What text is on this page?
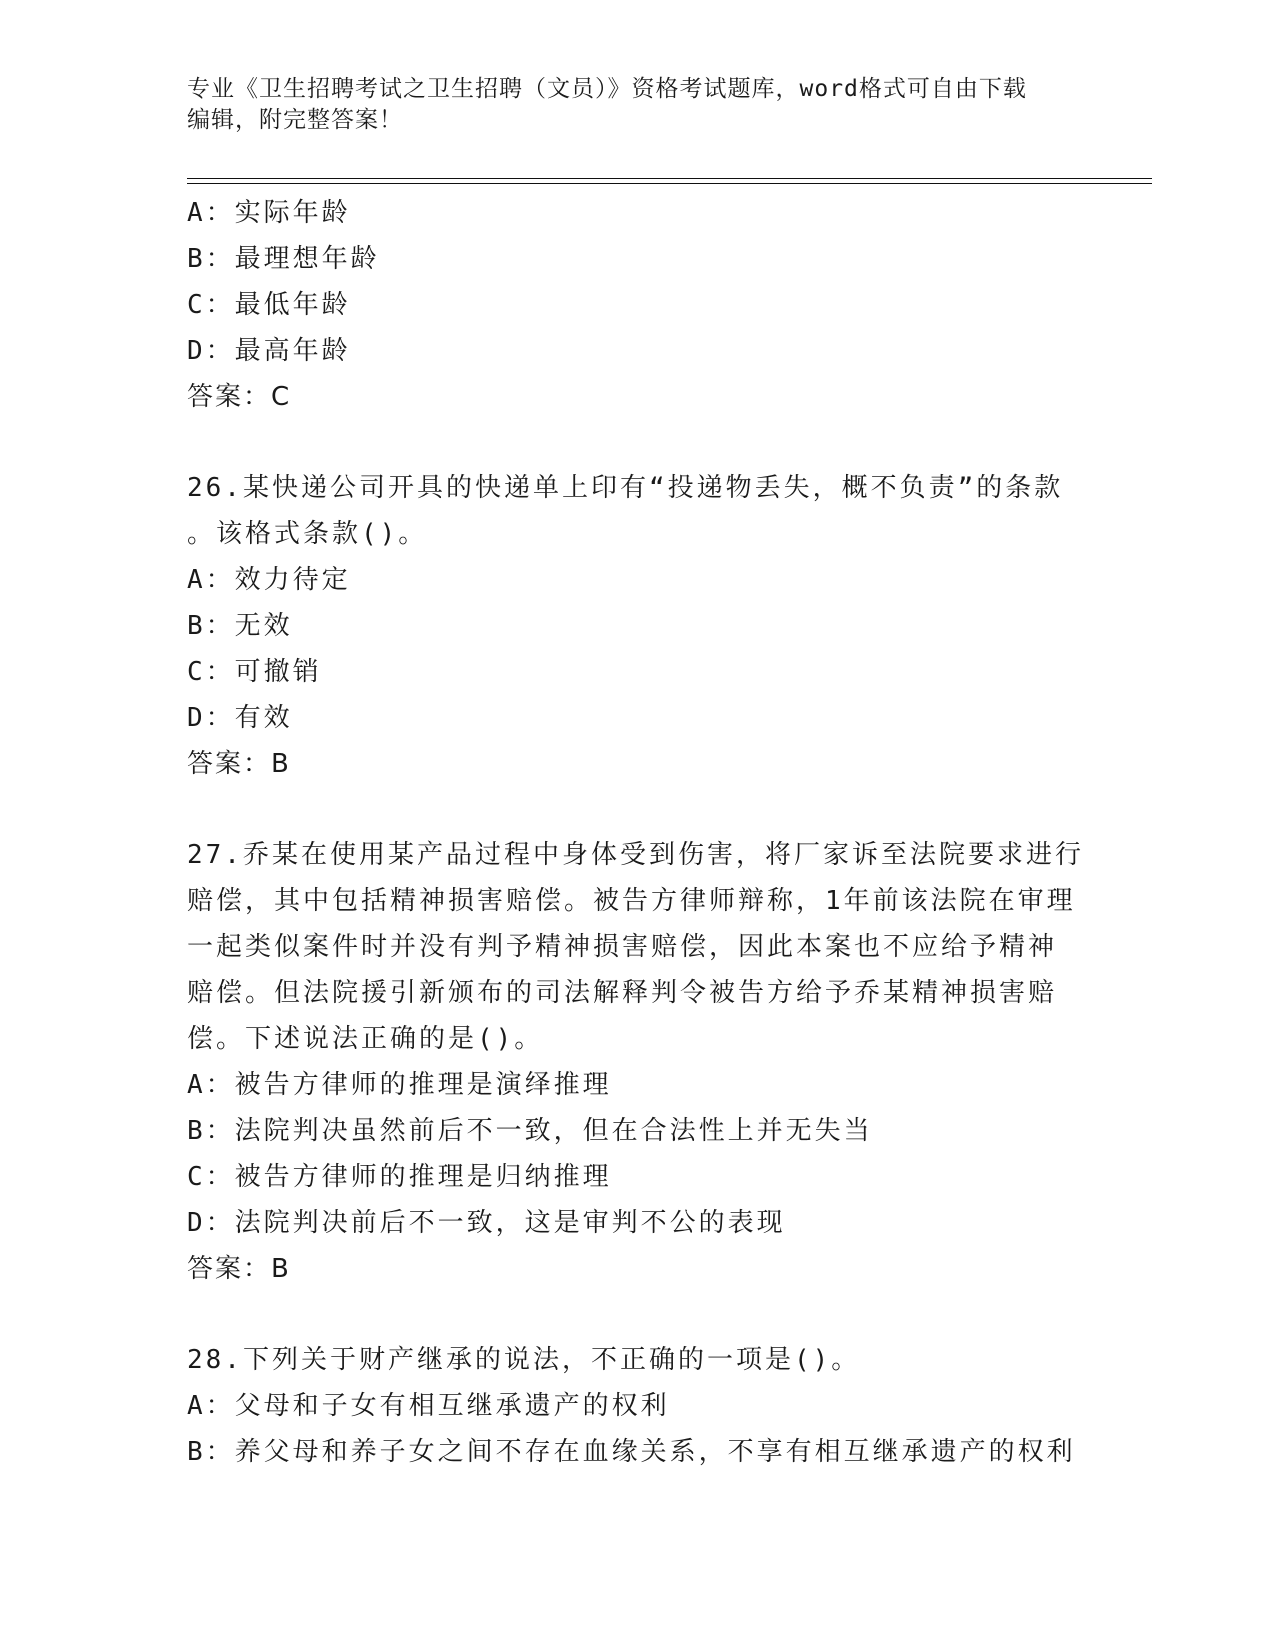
专业《卫生招聘考试之卫生招聘（文员）》资格考试题库，word格式可自由下载
编辑，附完整答案！
A：实际年龄
B：最理想年龄
C：最低年龄
D：最高年龄
答案：C
26.某快递公司开具的快递单上印有“投递物丢失，概不负责”的条款
。该格式条款()。
A：效力待定
B：无效
C：可撤销
D：有效
答案：B
27.乔某在使用某产品过程中身体受到伤害，将厂家诉至法院要求进行
赔偿，其中包括精神损害赔偿。被告方律师辩称，1年前该法院在审理
一起类似案件时并没有判予精神损害赔偿，因此本案也不应给予精神
赔偿。但法院援引新颁布的司法解释判令被告方给予乔某精神损害赔
偿。下述说法正确的是()。
A：被告方律师的推理是演绎推理
B：法院判决虽然前后不一致，但在合法性上并无失当
C：被告方律师的推理是归纳推理
D：法院判决前后不一致，这是审判不公的表现
答案：B
28.下列关于财产继承的说法，不正确的一项是()。
A：父母和子女有相互继承遗产的权利
B：养父母和养子女之间不存在血缘关系，不享有相互继承遗产的权利
